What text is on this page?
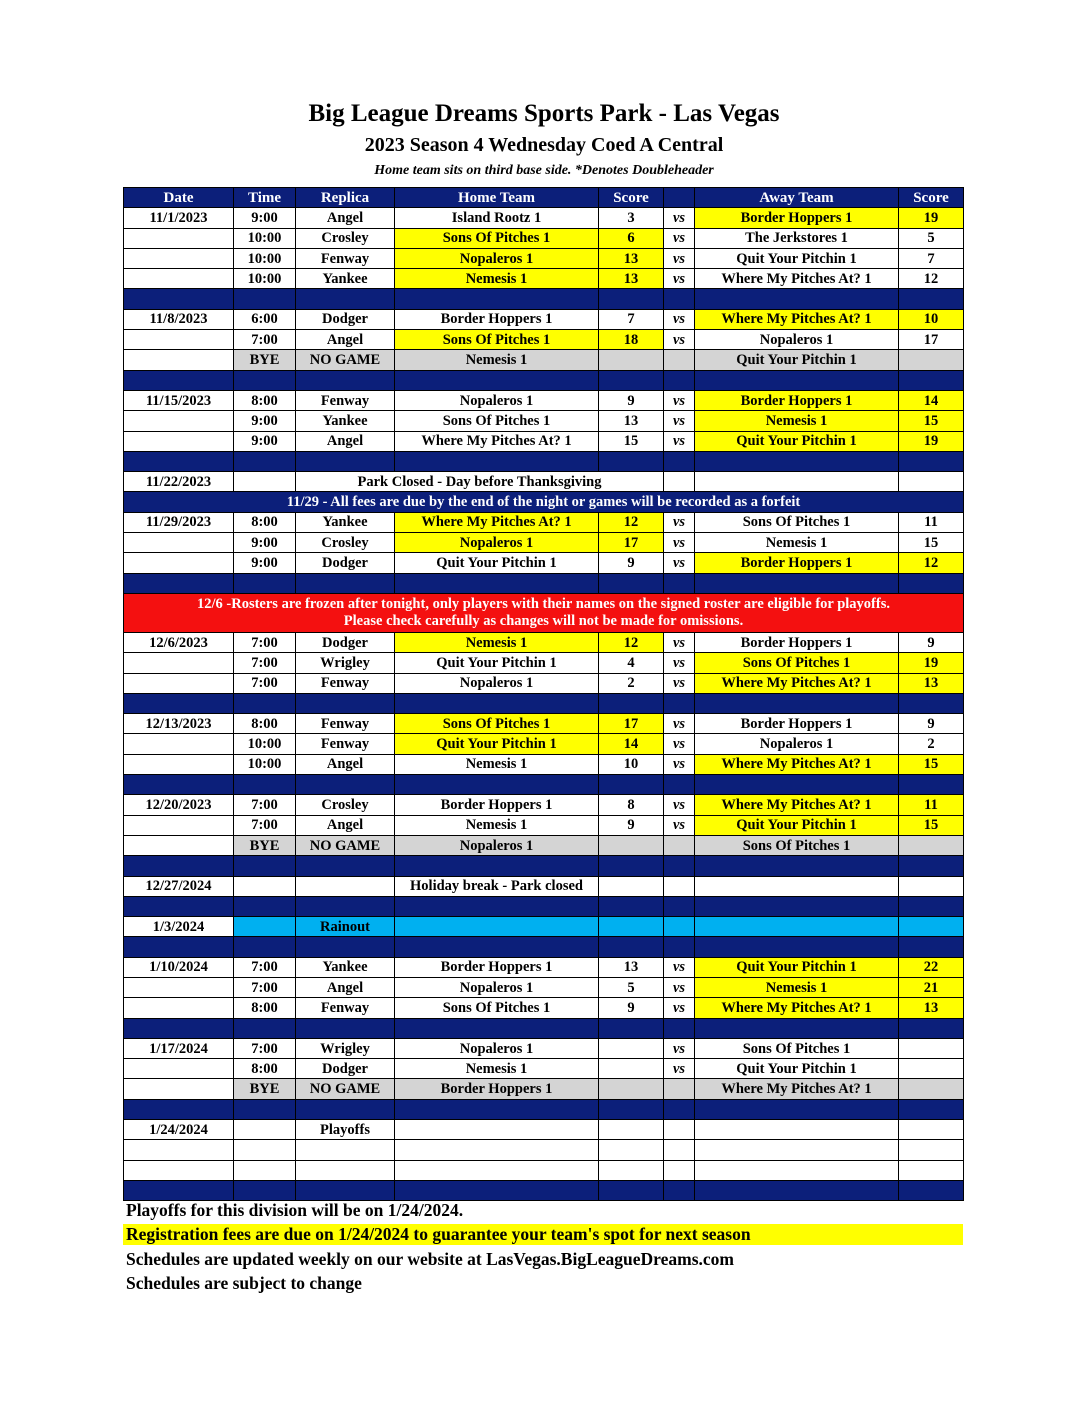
Big League Dreams Sports Park - Las Vegas
2023 Season 4 Wednesday Coed A Central
Home team sits on third base side. *Denotes Doubleheader
Date	Time	Replica	Home Team	Score		Away Team	Score
11/1/2023	9:00	Angel	Island Rootz 1	3	vs	Border Hoppers 1	19
	10:00	Crosley	Sons Of Pitches 1	6	vs	The Jerkstores 1	5
	10:00	Fenway	Nopaleros 1	13	vs	Quit Your Pitchin 1	7
	10:00	Yankee	Nemesis 1	13	vs	Where My Pitches At? 1	12

11/8/2023	6:00	Dodger	Border Hoppers 1	7	vs	Where My Pitches At? 1	10
	7:00	Angel	Sons Of Pitches 1	18	vs	Nopaleros 1	17
	BYE	NO GAME	Nemesis 1			Quit Your Pitchin 1	

11/15/2023	8:00	Fenway	Nopaleros 1	9	vs	Border Hoppers 1	14
	9:00	Yankee	Sons Of Pitches 1	13	vs	Nemesis 1	15
	9:00	Angel	Where My Pitches At? 1	15	vs	Quit Your Pitchin 1	19

11/22/2023		Park Closed - Day before Thanksgiving					
11/29 - All fees are due by the end of the night or games will be recorded as a forfeit							
11/29/2023	8:00	Yankee	Where My Pitches At? 1	12	vs	Sons Of Pitches 1	11
	9:00	Crosley	Nopaleros 1	17	vs	Nemesis 1	15
	9:00	Dodger	Quit Your Pitchin 1	9	vs	Border Hoppers 1	12

12/6 -Rosters are frozen after tonight, only players with their names on the signed roster are eligible for playoffs.
Please check carefully as changes will not be made for omissions.							

12/6/2023	7:00	Dodger	Nemesis 1	12	vs	Border Hoppers 1	9
	7:00	Wrigley	Quit Your Pitchin 1	4	vs	Sons Of Pitches 1	19
	7:00	Fenway	Nopaleros 1	2	vs	Where My Pitches At? 1	13

12/13/2023	8:00	Fenway	Sons Of Pitches 1	17	vs	Border Hoppers 1	9
	10:00	Fenway	Quit Your Pitchin 1	14	vs	Nopaleros 1	2
	10:00	Angel	Nemesis 1	10	vs	Where My Pitches At? 1	15

12/20/2023	7:00	Crosley	Border Hoppers 1	8	vs	Where My Pitches At? 1	11
	7:00	Angel	Nemesis 1	9	vs	Quit Your Pitchin 1	15
	BYE	NO GAME	Nopaleros 1			Sons Of Pitches 1	

12/27/2024			Holiday break - Park closed				

1/3/2024		Rainout					

1/10/2024	7:00	Yankee	Border Hoppers 1	13	vs	Quit Your Pitchin 1	22
	7:00	Angel	Nopaleros 1	5	vs	Nemesis 1	21
	8:00	Fenway	Sons Of Pitches 1	9	vs	Where My Pitches At? 1	13

1/17/2024	7:00	Wrigley	Nopaleros 1		vs	Sons Of Pitches 1	
	8:00	Dodger	Nemesis 1		vs	Quit Your Pitchin 1	
	BYE	NO GAME	Border Hoppers 1			Where My Pitches At? 1	

1/24/2024		Playoffs					

Playoffs for this division will be on 1/24/2024.
Registration fees are due on 1/24/2024 to guarantee your team's spot for next season
Schedules are updated weekly on our website at LasVegas.BigLeagueDreams.com
Schedules are subject to change
